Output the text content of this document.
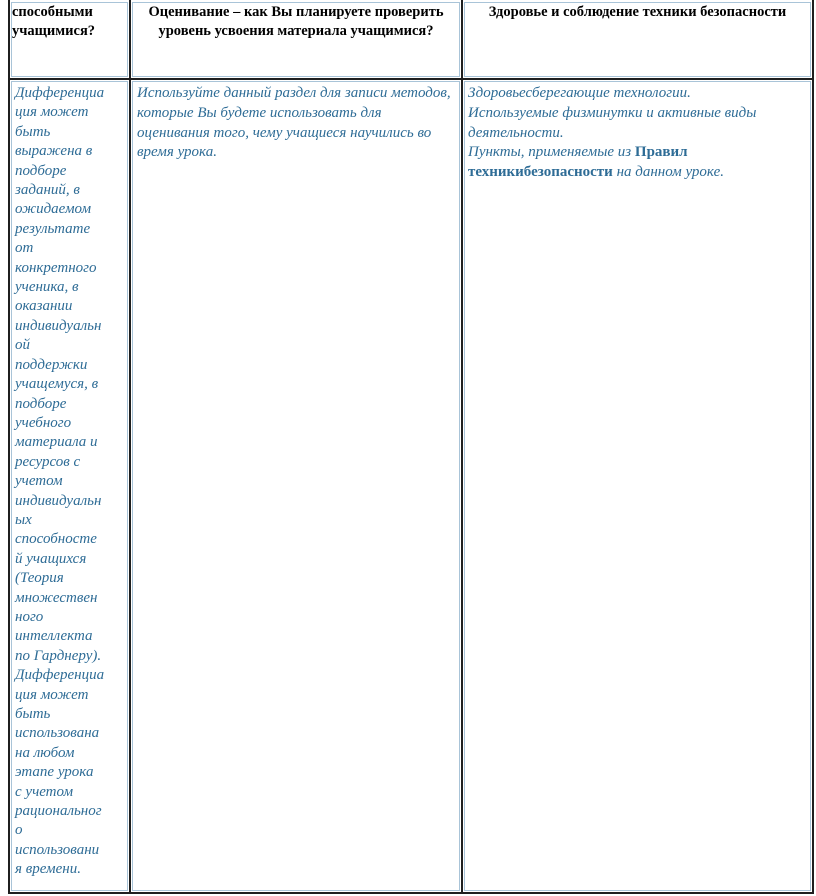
способными учащимися?
Оценивание – как Вы планируете проверить уровень усвоения материала учащимися?
Здоровье и соблюдение техники безопасности
Дифференциа
ция может
быть
выражена в
подборе
заданий, в
ожидаемом
результате
от
конкретного
ученика, в
оказании
индивидуальн
ой
поддержки
учащемуся, в
подборе
учебного
материала и
ресурсов с
учетом
индивидуальн
ых
способносте
й учащихся
(Теория
множествен
ного
интеллекта
по Гарднеру).
Дифференциа
ция может
быть
использована
на любом
этапе урока
с учетом
рациональног
о
использовани
я времени.
Используйте данный раздел для записи методов, которые Вы будете использовать для оценивания того, чему учащиеся научились во время урока.
Здоровьесберегающие технологии.
Используемые физминутки и активные виды деятельности.
Пункты, применяемые из Правил техникибезопасности на данном уроке.
